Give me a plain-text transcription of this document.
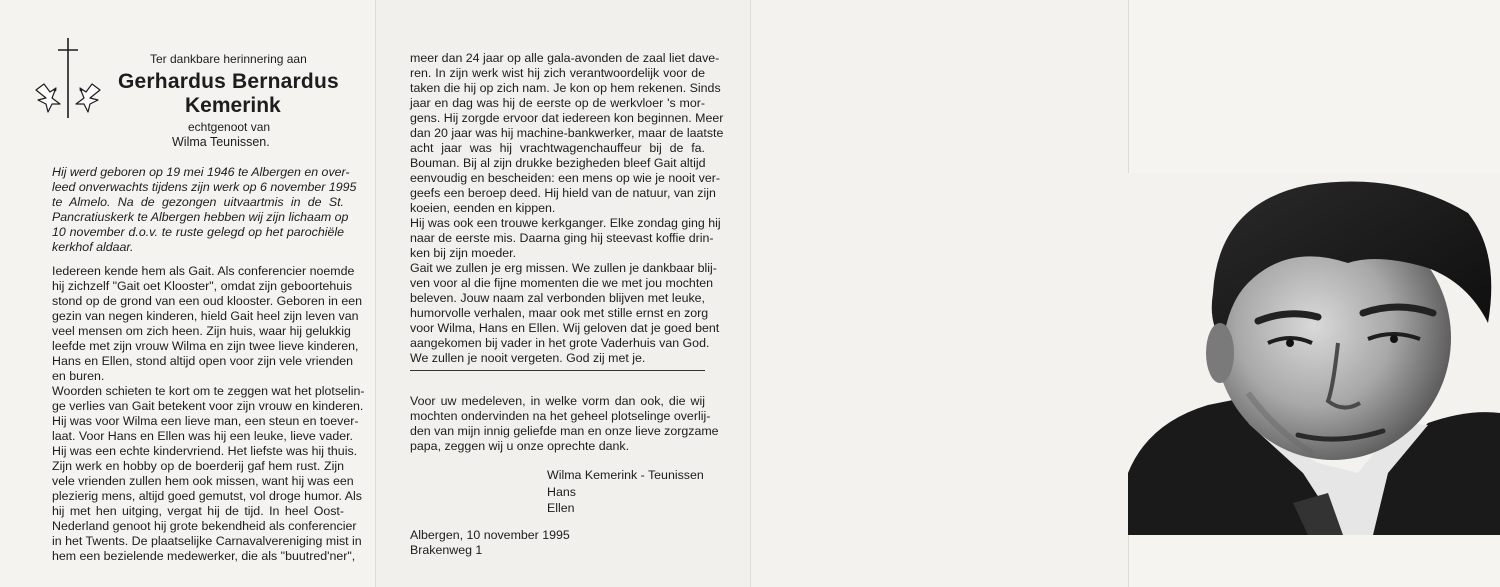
Ter dankbare herinnering aan

Gerhardus Bernardus

Kemerink

echtgenoot van

Wilma Teunissen.

Hij werd geboren op 19 mei 1946 te Albergen en over-
leed onverwachts tijdens zijn werk op 6 november 1995
te Almelo. Na de gezongen uitvaartmis in de St.
Pancratiuskerk te Albergen hebben wij zijn lichaam op
10 november d.o.v. te ruste gelegd op het parochiële
kerkhof aldaar.
Iedereen kende hem als Gait. Als conferencier noemde
hij zichzelf "Gait oet Klooster", omdat zijn geboortehuis
stond op de grond van een oud klooster. Geboren in een
gezin van negen kinderen, hield Gait heel zijn leven van
veel mensen om zich heen. Zijn huis, waar hij gelukkig
leefde met zijn vrouw Wilma en zijn twee lieve kinderen,
Hans en Ellen, stond altijd open voor zijn vele vrienden
en buren.
Woorden schieten te kort om te zeggen wat het plotselin-
ge verlies van Gait betekent voor zijn vrouw en kinderen.
Hij was voor Wilma een lieve man, een steun en toever-
laat. Voor Hans en Ellen was hij een leuke, lieve vader.
Hij was een echte kindervriend. Het liefste was hij thuis.
Zijn werk en hobby op de boerderij gaf hem rust. Zijn
vele vrienden zullen hem ook missen, want hij was een
plezierig mens, altijd goed gemutst, vol droge humor. Als
hij met hen uitging, vergat hij de tijd. In heel Oost-
Nederland genoot hij grote bekendheid als conferencier
in het Twents. De plaatselijke Carnavalvereniging mist in
hem een bezielende medewerker, die als "buutred'ner",
meer dan 24 jaar op alle gala-avonden de zaal liet dave-
ren. In zijn werk wist hij zich verantwoordelijk voor de
taken die hij op zich nam. Je kon op hem rekenen. Sinds
jaar en dag was hij de eerste op de werkvloer 's mor-
gens. Hij zorgde ervoor dat iedereen kon beginnen. Meer
dan 20 jaar was hij machine-bankwerker, maar de laatste
acht jaar was hij vrachtwagenchauffeur bij de fa.
Bouman. Bij al zijn drukke bezigheden bleef Gait altijd
eenvoudig en bescheiden: een mens op wie je nooit ver-
geefs een beroep deed. Hij hield van de natuur, van zijn
koeien, eenden en kippen.
Hij was ook een trouwe kerkganger. Elke zondag ging hij
naar de eerste mis. Daarna ging hij steevast koffie drin-
ken bij zijn moeder.
Gait we zullen je erg missen. We zullen je dankbaar blij-
ven voor al die fijne momenten die we met jou mochten
beleven. Jouw naam zal verbonden blijven met leuke,
humorvolle verhalen, maar ook met stille ernst en zorg
voor Wilma, Hans en Ellen. Wij geloven dat je goed bent
aangekomen bij vader in het grote Vaderhuis van God.
We zullen je nooit vergeten. God zij met je.
Voor uw medeleven, in welke vorm dan ook, die wij
mochten ondervinden na het geheel plotselinge overlij-
den van mijn innig geliefde man en onze lieve zorgzame
papa, zeggen wij u onze oprechte dank.
Wilma Kemerink - Teunissen
Hans
Ellen

Albergen, 10 november 1995

Brakenweg 1
